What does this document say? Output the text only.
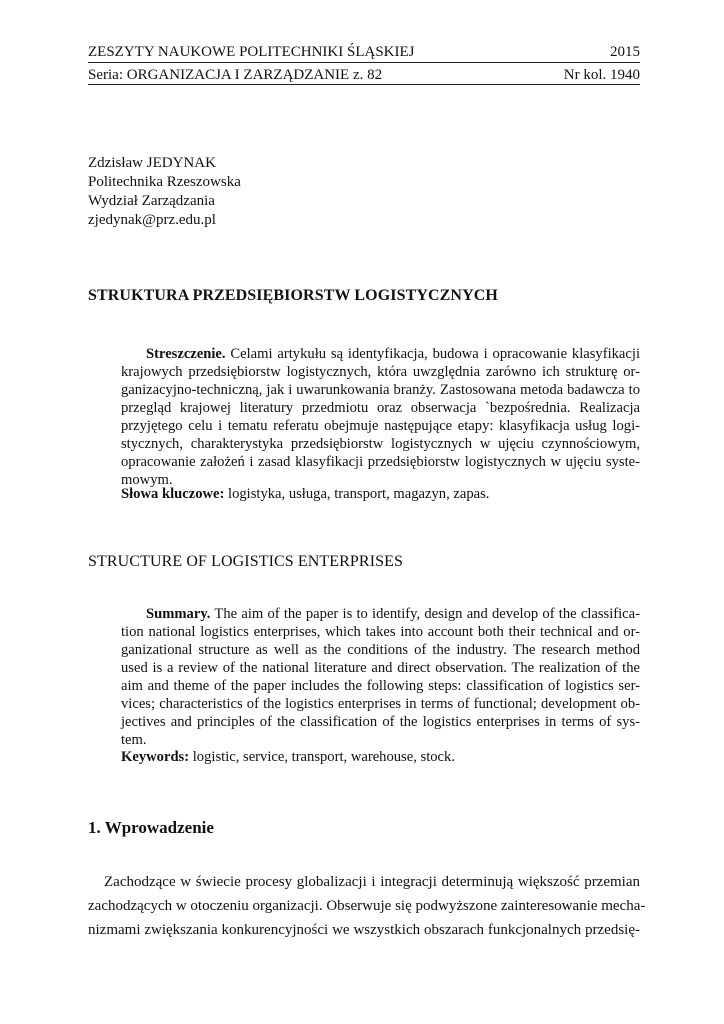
ZESZYTY NAUKOWE POLITECHNIKI ŚLĄSKIEJ	2015
Seria: ORGANIZACJA I ZARZĄDZANIE z. 82	Nr kol. 1940
Zdzisław JEDYNAK
Politechnika Rzeszowska
Wydział Zarządzania
zjedynak@prz.edu.pl
STRUKTURA PRZEDSIĘBIORSTW LOGISTYCZNYCH
Streszczenie. Celami artykułu są identyfikacja, budowa i opracowanie klasyfikacji
krajowych przedsiębiorstw logistycznych, która uwzględnia zarówno ich strukturę or-
ganizacyjno-techniczną, jak i uwarunkowania branży. Zastosowana metoda badawcza to
przegląd krajowej literatury przedmiotu oraz obserwacja `bezpośrednia. Realizacja
przyjętego celu i tematu referatu obejmuje następujące etapy: klasyfikacja usług logi-
stycznych, charakterystyka przedsiębiorstw logistycznych w ujęciu czynnościowym,
opracowanie założeń i zasad klasyfikacji przedsiębiorstw logistycznych w ujęciu syste-
mowym.
Słowa kluczowe: logistyka, usługa, transport, magazyn, zapas.
STRUCTURE OF LOGISTICS ENTERPRISES
Summary. The aim of the paper is to identify, design and develop of the classifica-
tion national logistics enterprises, which takes into account both their technical and or-
ganizational structure as well as the conditions of the industry. The research method
used is a review of the national literature and direct observation. The realization of the
aim and theme of the paper includes the following steps: classification of logistics ser-
vices; characteristics of the logistics enterprises in terms of functional; development ob-
jectives and principles of the classification of the logistics enterprises in terms of sys-
tem.
Keywords: logistic, service, transport, warehouse, stock.
1. Wprowadzenie
Zachodzące w świecie procesy globalizacji i integracji determinują większość przemian
zachodzących w otoczeniu organizacji. Obserwuje się podwyższone zainteresowanie mecha-
nizmami zwiększania konkurencyjności we wszystkich obszarach funkcjonalnych przedsię-
